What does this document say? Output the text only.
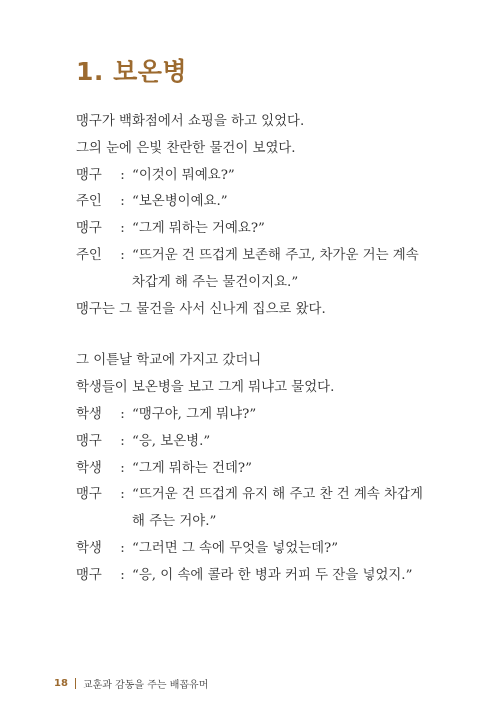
1. 보온병
맹구가 백화점에서 쇼핑을 하고 있었다.
그의 눈에 은빛 찬란한 물건이 보였다.
맹구	: “이것이 뭐예요?”
주인	: “보온병이예요.”
맹구	: “그게 뭐하는 거예요?”
주인	: “뜨거운 건 뜨겁게 보존해 주고, 차가운 거는 계속
차갑게 해 주는 물건이지요.”
맹구는 그 물건을 사서 신나게 집으로 왔다.
그 이튿날 학교에 가지고 갔더니
학생들이 보온병을 보고 그게 뭐냐고 물었다.
학생	: “맹구야, 그게 뭐냐?”
맹구	: “응, 보온병.”
학생	: “그게 뭐하는 건데?”
맹구	: “뜨거운 건 뜨겁게 유지 해 주고 찬 건 계속 차갑게
해 주는 거야.”
학생	: “그러면 그 속에 무엇을 넣었는데?”
맹구	: “응, 이 속에 콜라 한 병과 커피 두 잔을 넣었지.”
18 교훈과 감동을 주는 배꼽유머
